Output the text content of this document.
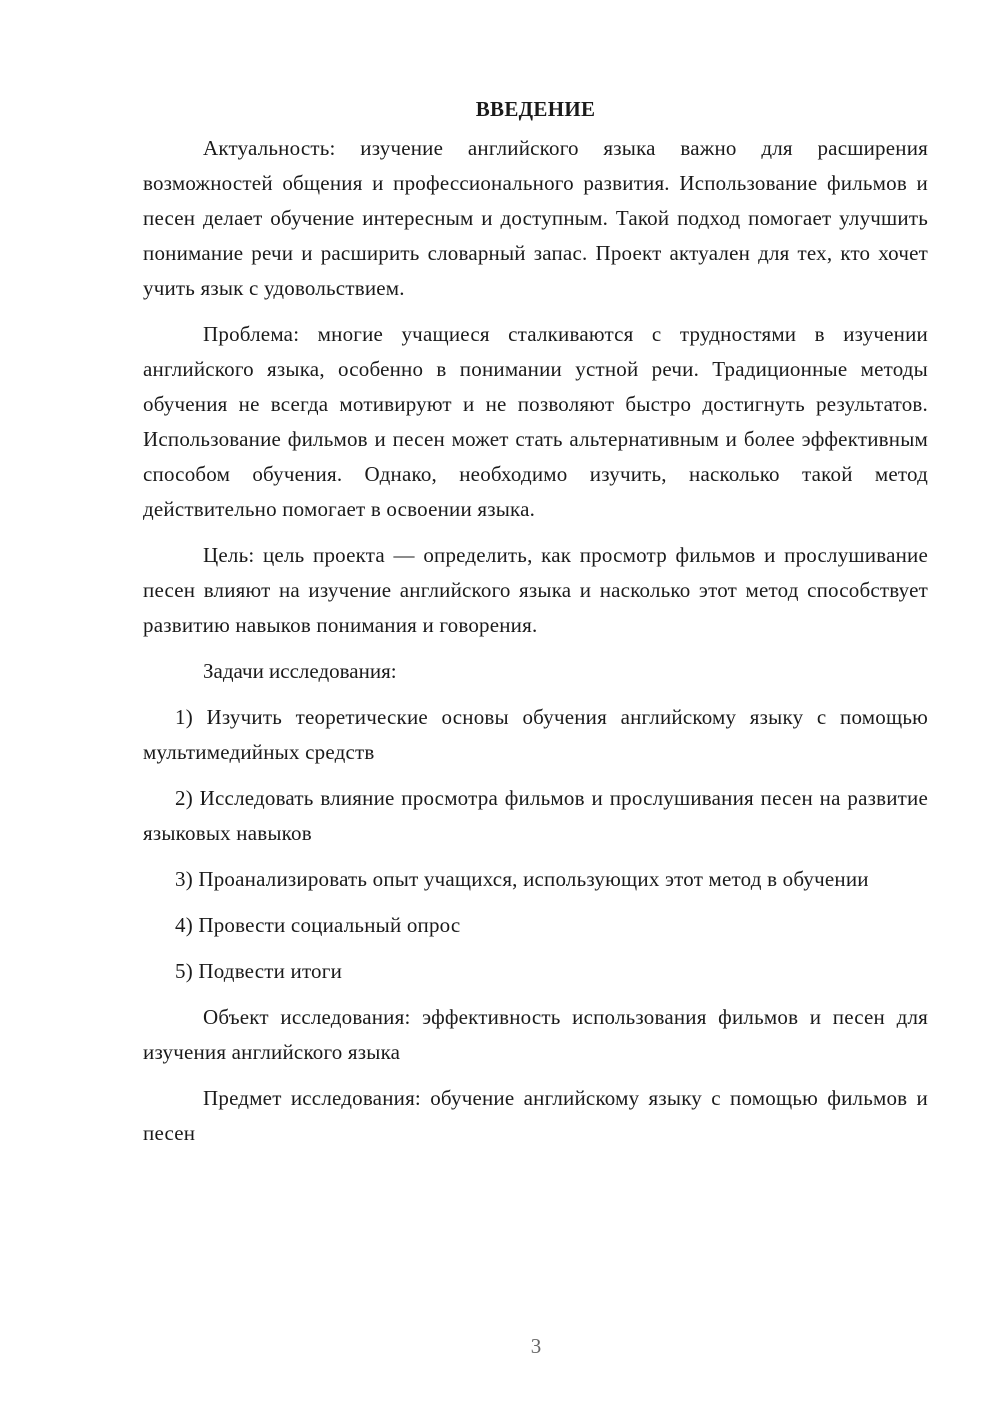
ВВЕДЕНИЕ

Актуальность: изучение английского языка важно для расширения возможностей общения и профессионального развития. Использование фильмов и песен делает обучение интересным и доступным. Такой подход помогает улучшить понимание речи и расширить словарный запас. Проект актуален для тех, кто хочет учить язык с удовольствием.

Проблема: многие учащиеся сталкиваются с трудностями в изучении английского языка, особенно в понимании устной речи. Традиционные методы обучения не всегда мотивируют и не позволяют быстро достигнуть результатов. Использование фильмов и песен может стать альтернативным и более эффективным способом обучения. Однако, необходимо изучить, насколько такой метод действительно помогает в освоении языка.

Цель: цель проекта — определить, как просмотр фильмов и прослушивание песен влияют на изучение английского языка и насколько этот метод способствует развитию навыков понимания и говорения.

Задачи исследования:

1) Изучить теоретические основы обучения английскому языку с помощью мультимедийных средств

2) Исследовать влияние просмотра фильмов и прослушивания песен на развитие языковых навыков

3) Проанализировать опыт учащихся, использующих этот метод в обучении

4) Провести социальный опрос

5) Подвести итоги

Объект исследования: эффективность использования фильмов и песен для изучения английского языка

Предмет исследования: обучение английскому языку с помощью фильмов и песен

3
